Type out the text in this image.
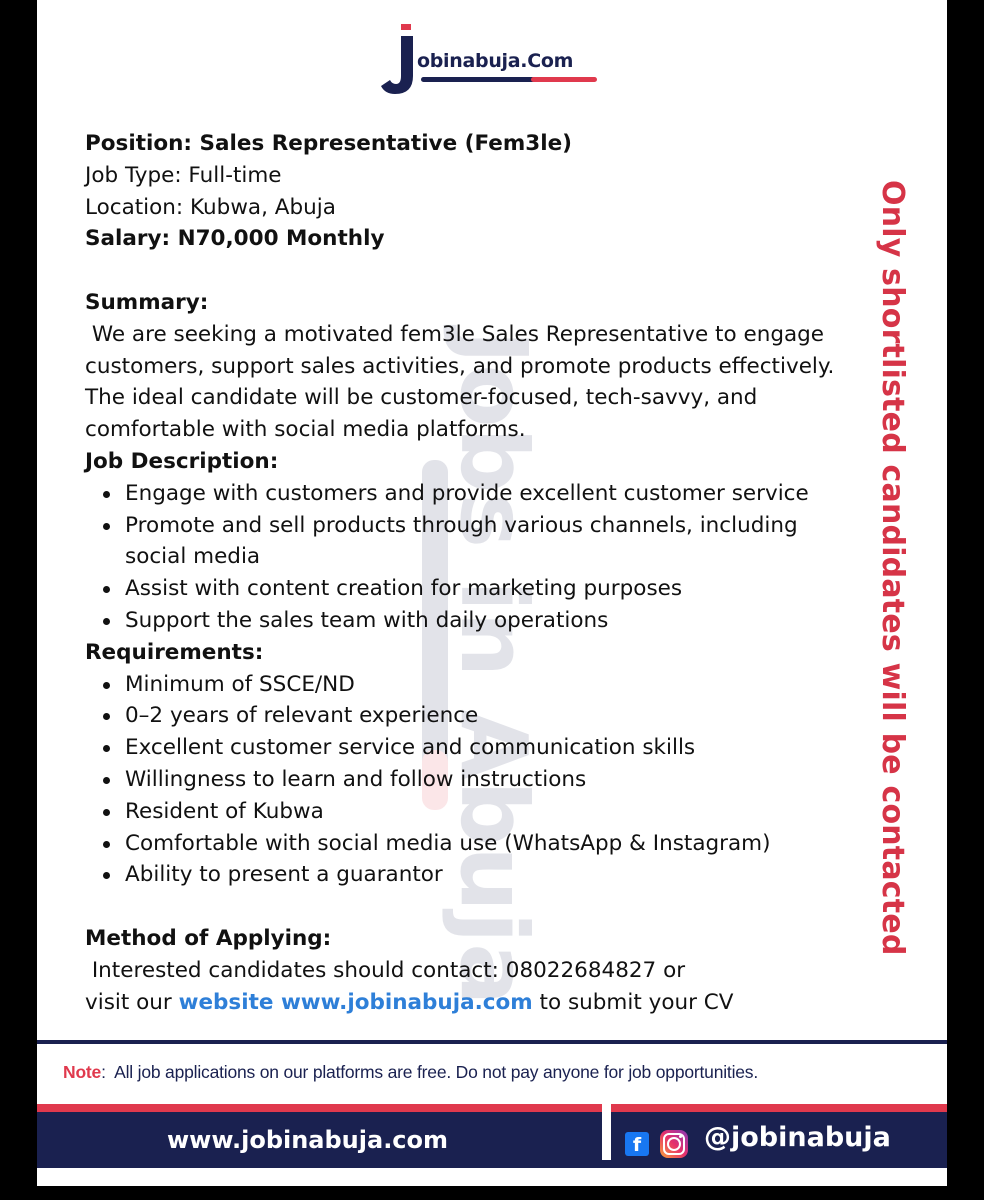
obinabuja.Com
Jobs in Abuja

Position: Sales Representative (Fem3le)

Job Type: Full-time

Location: Kubwa, Abuja

Salary: N70,000 Monthly

Summary:

We are seeking a motivated fem3le Sales Representative to engage customers, support sales activities, and promote products effectively. The ideal candidate will be customer-focused, tech-savvy, and comfortable with social media platforms.

Job Description:

Engage with customers and provide excellent customer service
Promote and sell products through various channels, including social media
Assist with content creation for marketing purposes
Support the sales team with daily operations

Requirements:

Minimum of SSCE/ND
0–2 years of relevant experience
Excellent customer service and communication skills
Willingness to learn and follow instructions
Resident of Kubwa
Comfortable with social media use (WhatsApp & Instagram)
Ability to present a guarantor

Method of Applying:

Interested candidates should contact: 08022684827 or

visit our website www.jobinabuja.com to submit your CV

Only shortlisted candidates will be contacted
Note:  All job applications on our platforms are free. Do not pay anyone for job opportunities.
www.jobinabuja.com	f @jobinabuja
